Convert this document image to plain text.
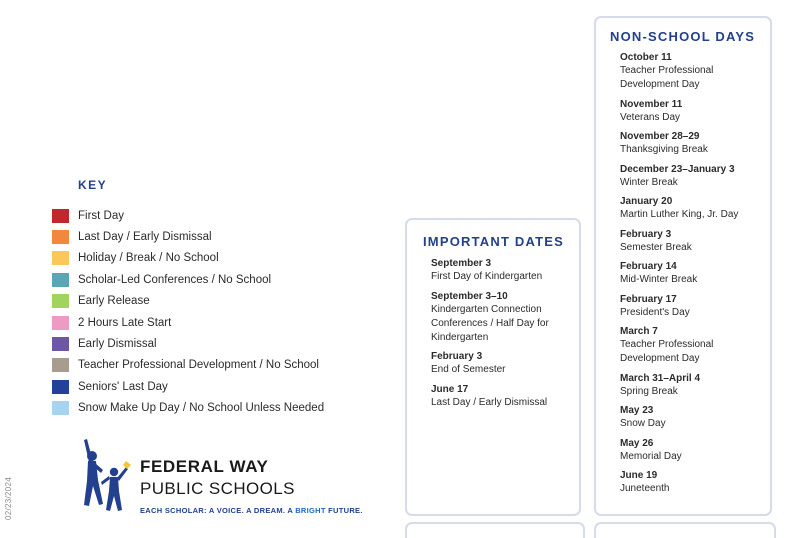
02/23/2024
KEY
First Day
Last Day / Early Dismissal
Holiday / Break / No School
Scholar-Led Conferences / No School
Early Release
2 Hours Late Start
Early Dismissal
Teacher Professional Development / No School
Seniors' Last Day
Snow Make Up Day / No School Unless Needed
FEDERAL WAY
PUBLIC SCHOOLS
EACH SCHOLAR: A VOICE. A DREAM. A BRIGHT FUTURE.
IMPORTANT DATES
September 3
First Day of Kindergarten
September 3–10
Kindergarten Connection Conferences / Half Day for Kindergarten
February 3
End of Semester
June 17
Last Day / Early Dismissal
NON-SCHOOL DAYS
October 11
Teacher Professional Development Day
November 11
Veterans Day
November 28–29
Thanksgiving Break
December 23–January 3
Winter Break
January 20
Martin Luther King, Jr. Day
February 3
Semester Break
February 14
Mid-Winter Break
February 17
President's Day
March 7
Teacher Professional Development Day
March 31–April 4
Spring Break
May 23
Snow Day
May 26
Memorial Day
June 19
Juneteenth
